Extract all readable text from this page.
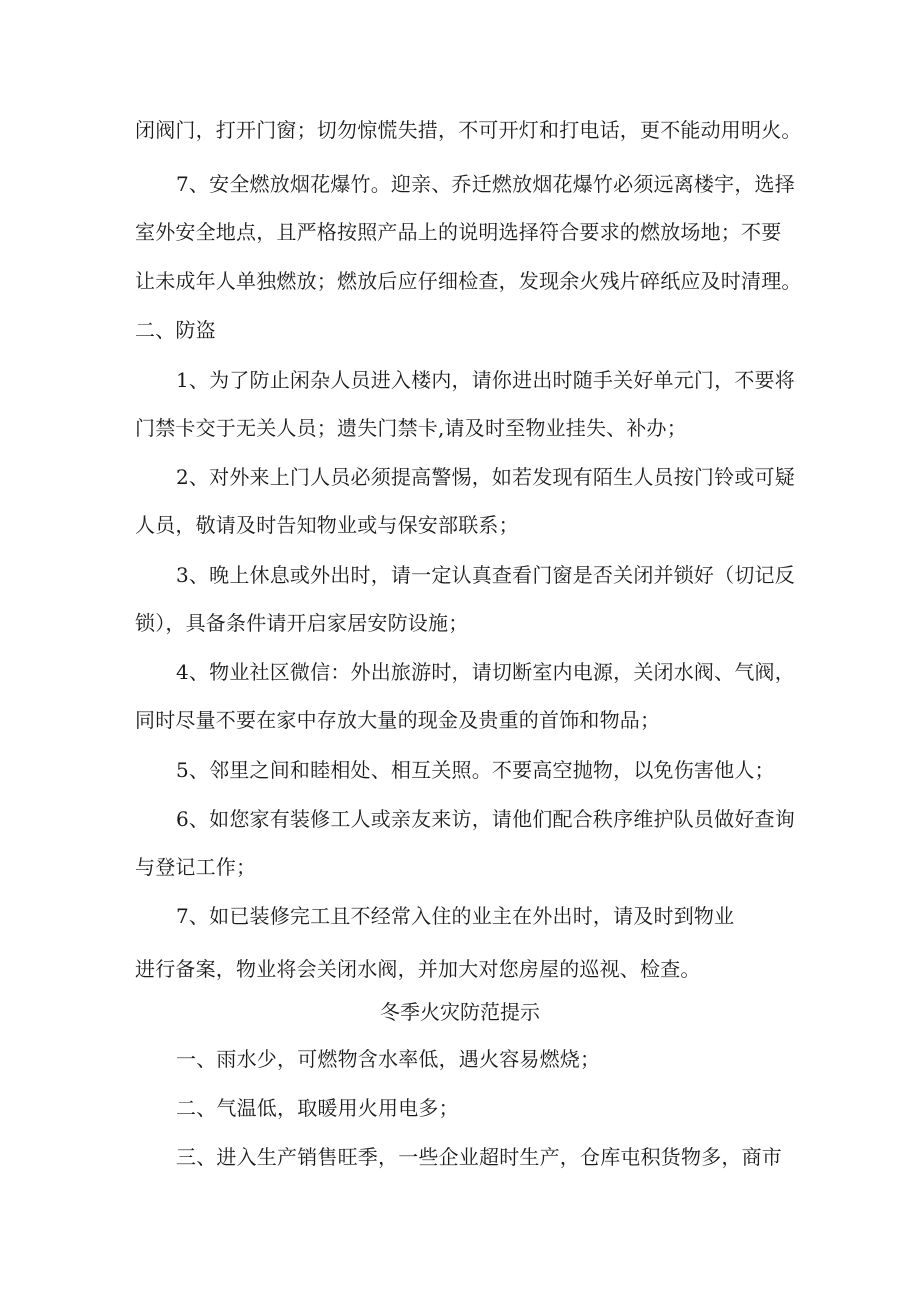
闭阀门，打开门窗；切勿惊慌失措，不可开灯和打电话，更不能动用明火。
7、安全燃放烟花爆竹。迎亲、乔迁燃放烟花爆竹必须远离楼宇，选择
室外安全地点，且严格按照产品上的说明选择符合要求的燃放场地；不要
让未成年人单独燃放；燃放后应仔细检查，发现余火残片碎纸应及时清理。
二、防盗
1、为了防止闲杂人员进入楼内，请你进出时随手关好单元门，不要将
门禁卡交于无关人员；遗失门禁卡,请及时至物业挂失、补办；
2、对外来上门人员必须提高警惕，如若发现有陌生人员按门铃或可疑
人员，敬请及时告知物业或与保安部联系；
3、晚上休息或外出时，请一定认真查看门窗是否关闭并锁好（切记反
锁），具备条件请开启家居安防设施；
4、物业社区微信：外出旅游时，请切断室内电源，关闭水阀、气阀，
同时尽量不要在家中存放大量的现金及贵重的首饰和物品；
5、邻里之间和睦相处、相互关照。不要高空抛物，以免伤害他人；
6、如您家有装修工人或亲友来访，请他们配合秩序维护队员做好查询
与登记工作；
7、如已装修完工且不经常入住的业主在外出时，请及时到物业
进行备案，物业将会关闭水阀，并加大对您房屋的巡视、检查。
冬季火灾防范提示
一、雨水少，可燃物含水率低，遇火容易燃烧；
二、气温低，取暖用火用电多；
三、进入生产销售旺季，一些企业超时生产，仓库屯积货物多，商市
